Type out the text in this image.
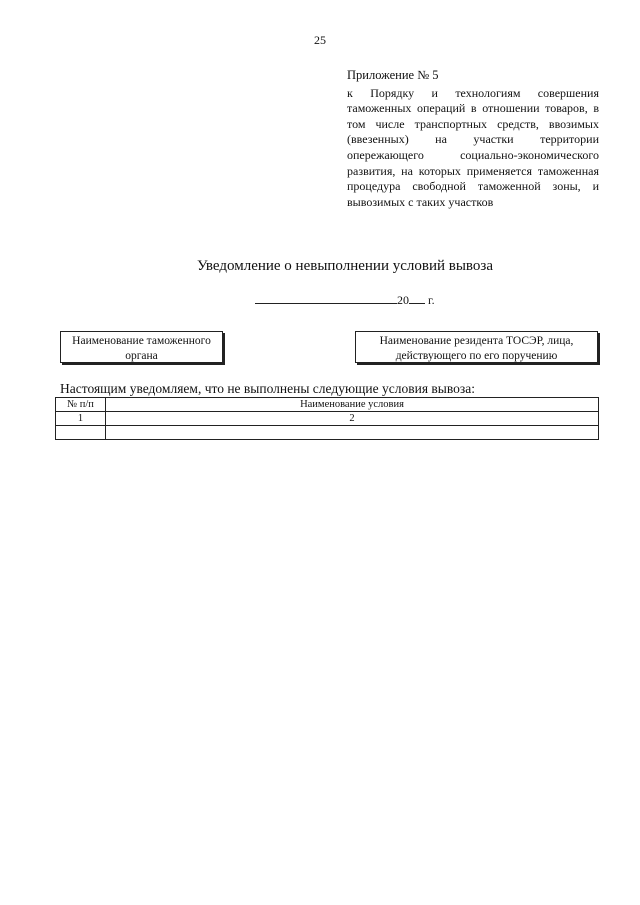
25
Приложение № 5
к Порядку и технологиям совершения таможенных операций в отношении товаров, в том числе транспортных средств, ввозимых (ввезенных) на участки территории опережающего социально-экономического развития, на которых применяется таможенная процедура свободной таможенной зоны, и вывозимых с таких участков
Уведомление о невыполнении условий вывоза
20 г.
Наименование таможенного органа
Наименование резидента ТОСЭР, лица, действующего по его поручению
Настоящим уведомляем, что не выполнены следующие условия вывоза:
№ п/п	Наименование условия
1	2
